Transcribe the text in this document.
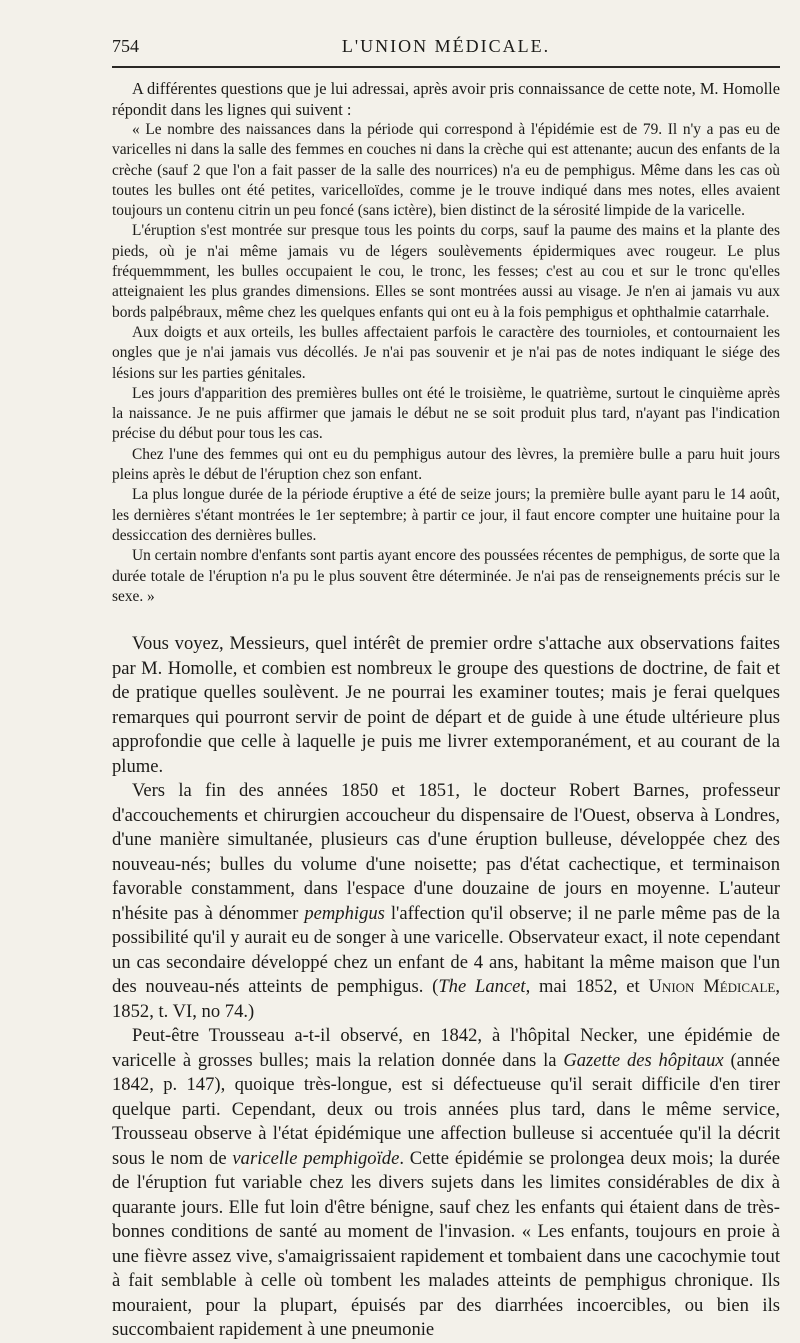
754	L'UNION MÉDICALE.

A différentes questions que je lui adressai, après avoir pris connaissance de cette note, M. Homolle répondit dans les lignes qui suivent :

« Le nombre des naissances dans la période qui correspond à l'épidémie est de 79. Il n'y a pas eu de varicelles ni dans la salle des femmes en couches ni dans la crèche qui est attenante; aucun des enfants de la crèche (sauf 2 que l'on a fait passer de la salle des nourrices) n'a eu de pemphigus. Même dans les cas où toutes les bulles ont été petites, varicelloïdes, comme je le trouve indiqué dans mes notes, elles avaient toujours un contenu citrin un peu foncé (sans ictère), bien distinct de la sérosité limpide de la varicelle.

L'éruption s'est montrée sur presque tous les points du corps, sauf la paume des mains et la plante des pieds, où je n'ai même jamais vu de légers soulèvements épidermiques avec rougeur. Le plus fréquemmment, les bulles occupaient le cou, le tronc, les fesses; c'est au cou et sur le tronc qu'elles atteignaient les plus grandes dimensions. Elles se sont montrées aussi au visage. Je n'en ai jamais vu aux bords palpébraux, même chez les quelques enfants qui ont eu à la fois pemphigus et ophthalmie catarrhale.

Aux doigts et aux orteils, les bulles affectaient parfois le caractère des tournioles, et contournaient les ongles que je n'ai jamais vus décollés. Je n'ai pas souvenir et je n'ai pas de notes indiquant le siége des lésions sur les parties génitales.

Les jours d'apparition des premières bulles ont été le troisième, le quatrième, surtout le cinquième après la naissance. Je ne puis affirmer que jamais le début ne se soit produit plus tard, n'ayant pas l'indication précise du début pour tous les cas.

Chez l'une des femmes qui ont eu du pemphigus autour des lèvres, la première bulle a paru huit jours pleins après le début de l'éruption chez son enfant.

La plus longue durée de la période éruptive a été de seize jours; la première bulle ayant paru le 14 août, les dernières s'étant montrées le 1er septembre; à partir ce jour, il faut encore compter une huitaine pour la dessiccation des dernières bulles.

Un certain nombre d'enfants sont partis ayant encore des poussées récentes de pemphigus, de sorte que la durée totale de l'éruption n'a pu le plus souvent être déterminée. Je n'ai pas de renseignements précis sur le sexe. »

Vous voyez, Messieurs, quel intérêt de premier ordre s'attache aux observations faites par M. Homolle, et combien est nombreux le groupe des questions de doctrine, de fait et de pratique quelles soulèvent. Je ne pourrai les examiner toutes; mais je ferai quelques remarques qui pourront servir de point de départ et de guide à une étude ultérieure plus approfondie que celle à laquelle je puis me livrer extemporanément, et au courant de la plume.

Vers la fin des années 1850 et 1851, le docteur Robert Barnes, professeur d'accouchements et chirurgien accoucheur du dispensaire de l'Ouest, observa à Londres, d'une manière simultanée, plusieurs cas d'une éruption bulleuse, développée chez des nouveau-nés; bulles du volume d'une noisette; pas d'état cachectique, et terminaison favorable constamment, dans l'espace d'une douzaine de jours en moyenne. L'auteur n'hésite pas à dénommer pemphigus l'affection qu'il observe; il ne parle même pas de la possibilité qu'il y aurait eu de songer à une varicelle. Observateur exact, il note cependant un cas secondaire développé chez un enfant de 4 ans, habitant la même maison que l'un des nouveau-nés atteints de pemphigus. (The Lancet, mai 1852, et Union Médicale, 1852, t. VI, no 74.)

Peut-être Trousseau a-t-il observé, en 1842, à l'hôpital Necker, une épidémie de varicelle à grosses bulles; mais la relation donnée dans la Gazette des hôpitaux (année 1842, p. 147), quoique très-longue, est si défectueuse qu'il serait difficile d'en tirer quelque parti. Cependant, deux ou trois années plus tard, dans le même service, Trousseau observe à l'état épidémique une affection bulleuse si accentuée qu'il la décrit sous le nom de varicelle pemphigoïde. Cette épidémie se prolongea deux mois; la durée de l'éruption fut variable chez les divers sujets dans les limites considérables de dix à quarante jours. Elle fut loin d'être bénigne, sauf chez les enfants qui étaient dans de très-bonnes conditions de santé au moment de l'invasion. « Les enfants, toujours en proie à une fièvre assez vive, s'amaigrissaient rapidement et tombaient dans une cacochymie tout à fait semblable à celle où tombent les malades atteints de pemphigus chronique. Ils mouraient, pour la plupart, épuisés par des diarrhées incoercibles, ou bien ils succombaient rapidement à une pneumonie
